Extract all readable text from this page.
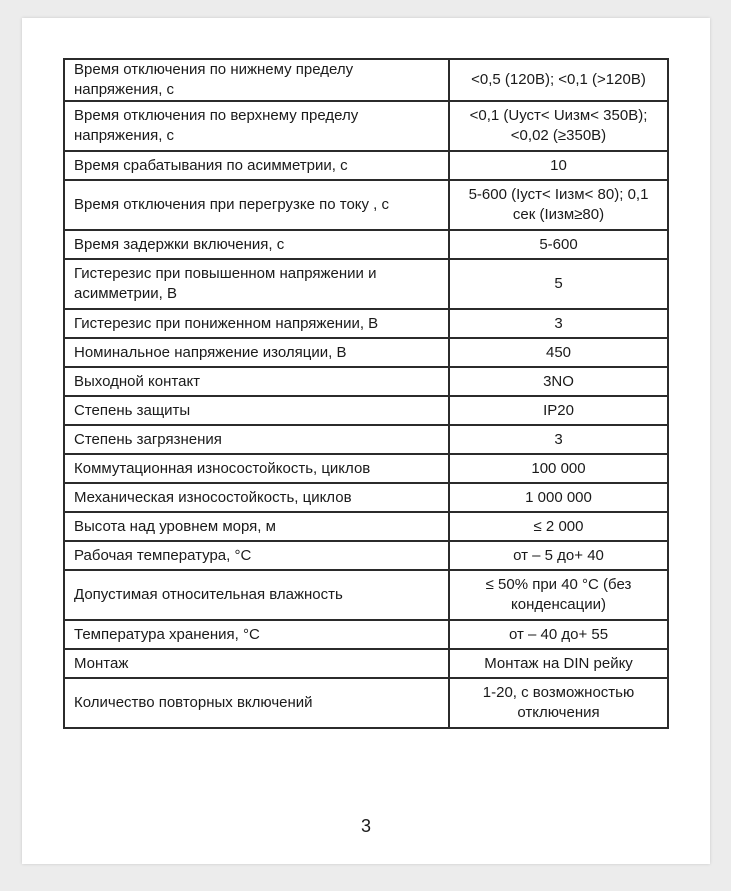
Время отключения по нижнему пределу напряжения, с	<0,5 (120В); <0,1 (>120В)
Время отключения по верхнему пределу напряжения, с	<0,1 (Uуст< Uизм< 350В); <0,02 (≥350В)
Время срабатывания по асимметрии, с	10
Время отключения при перегрузке по току , с	5-600 (Iуст< Iизм< 80); 0,1 сек (Iизм≥80)
Время задержки включения, с	5-600
Гистерезис при повышенном напряжении и асимметрии, В	5
Гистерезис при пониженном напряжении, В	3
Номинальное напряжение изоляции, В	450
Выходной контакт	3NO
Степень защиты	IP20
Степень загрязнения	3
Коммутационная износостойкость, циклов	100 000
Механическая износостойкость, циклов	1 000 000
Высота над уровнем моря, м	≤ 2 000
Рабочая температура, °C	от – 5 до+ 40
Допустимая относительная влажность	≤ 50% при 40 °C (без конденсации)
Температура хранения, °C	от – 40 до+ 55
Монтаж	Монтаж на DIN рейку
Количество повторных включений	1-20, с возможностью отключения
3
